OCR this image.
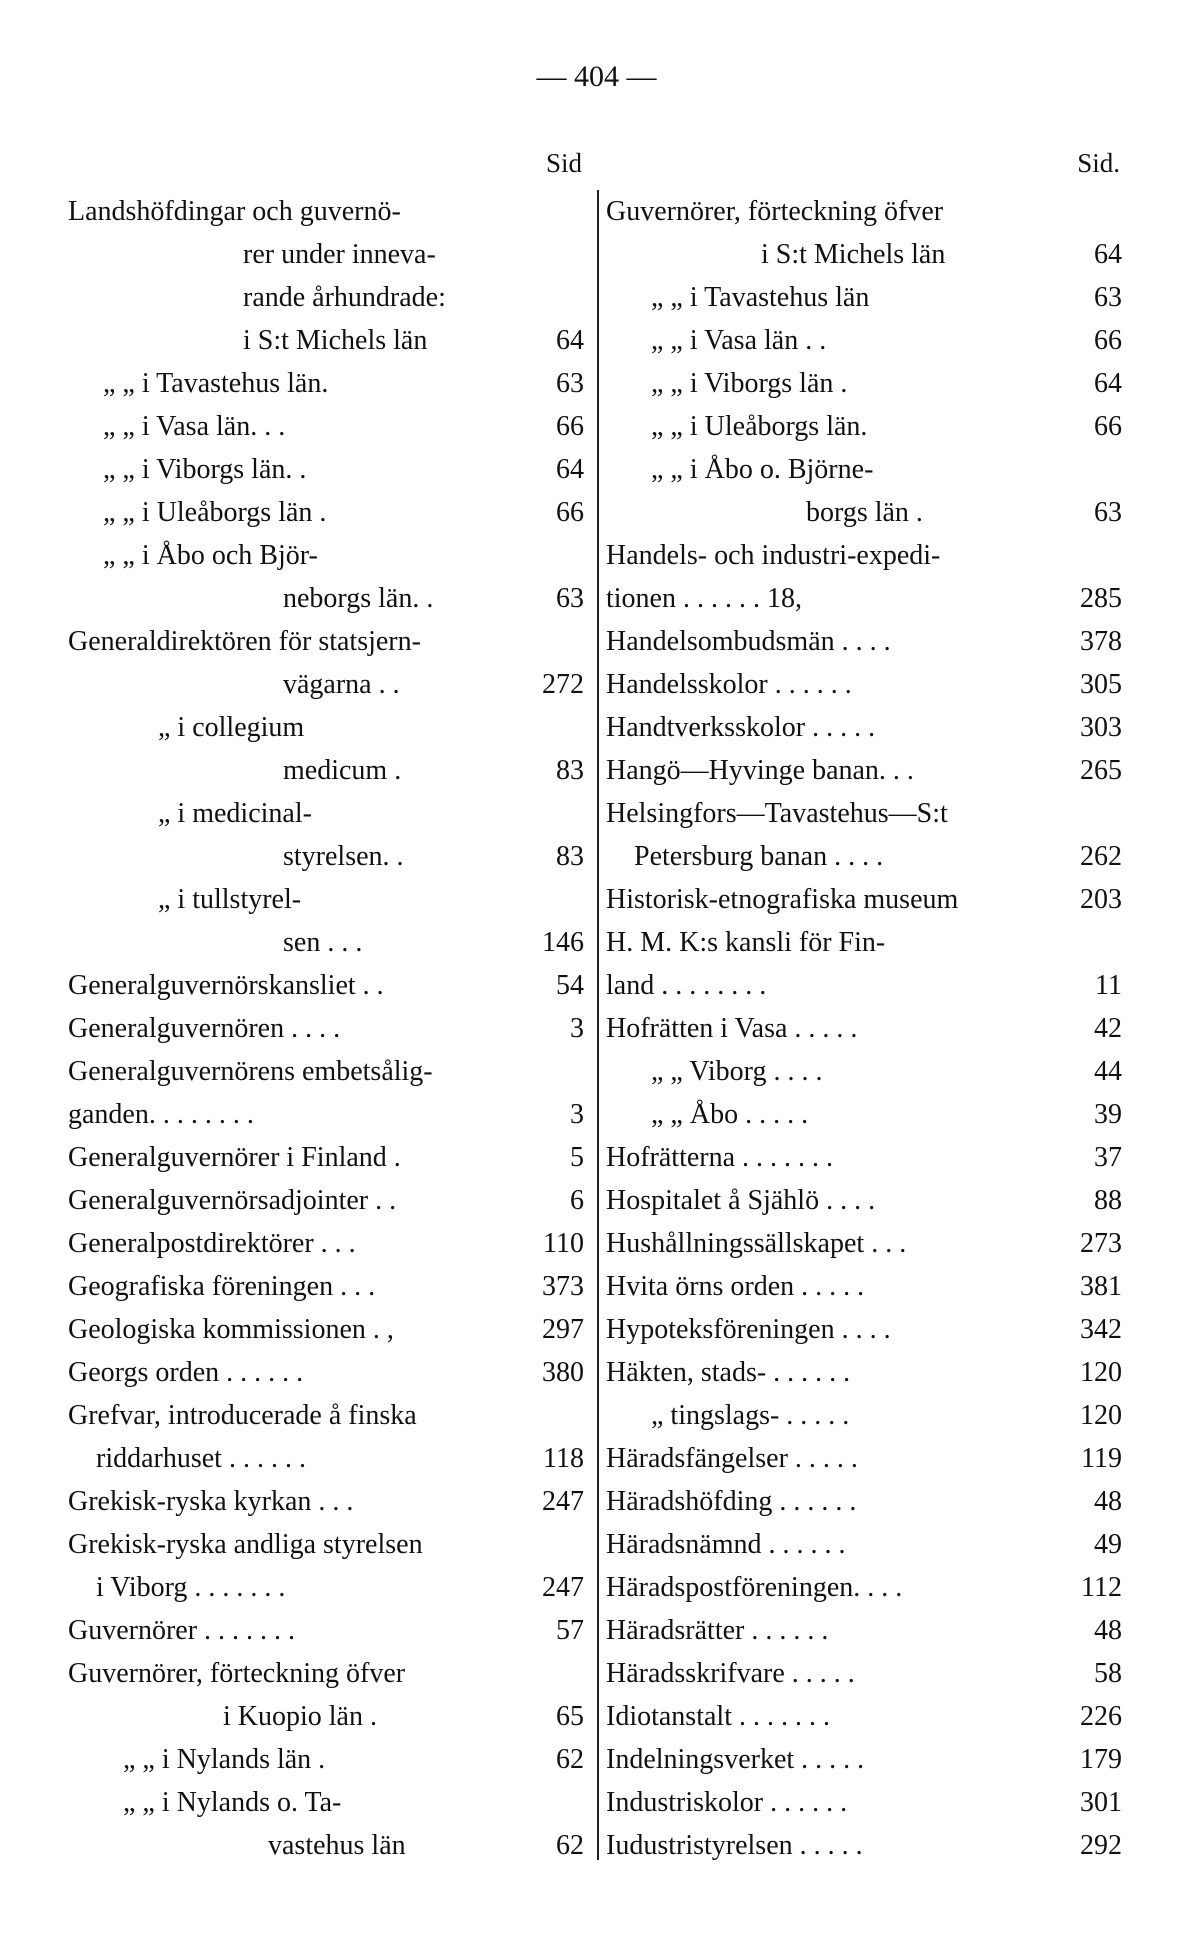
— 404 —
Sid
Landshöfdingar och guvernö-
rer under inneva-
rande århundrade:
i S:t Michels län	64
„ „ i Tavastehus län.	63
„ „ i Vasa län. . .	66
„ „ i Viborgs län. .	64
„ „ i Uleåborgs län .	66
„ „ i Åbo och Björ-
neborgs län. .	63
Generaldirektören för statsjern-
vägarna . .	272
„ i collegium
medicum .	83
„ i medicinal-
styrelsen. .	83
„ i tullstyrel-
sen . . .	146
Generalguvernörskansliet . .	54
Generalguvernören . . . .	3
Generalguvernörens embetsålig-
ganden. . . . . . . .	3
Generalguvernörer i Finland .	5
Generalguvernörsadjointer . .	6
Generalpostdirektörer . . .	110
Geografiska föreningen . . .	373
Geologiska kommissionen . ,	297
Georgs orden . . . . . .	380
Grefvar, introducerade å finska
riddarhuset . . . . . .	118
Grekisk-ryska kyrkan . . .	247
Grekisk-ryska andliga styrelsen
i Viborg . . . . . . .	247
Guvernörer . . . . . . .	57
Guvernörer, förteckning öfver
i Kuopio län .	65
„ „ i Nylands län .	62
„ „ i Nylands o. Ta-
vastehus län	62
Sid.
Guvernörer, förteckning öfver
i S:t Michels län	64
„ „ i Tavastehus län	63
„ „ i Vasa län . .	66
„ „ i Viborgs län .	64
„ „ i Uleåborgs län.	66
„ „ i Åbo o. Björne-
borgs län .	63
Handels- och industri-expedi-
tionen . . . . . . 18,	285
Handelsombudsmän . . . .	378
Handelsskolor . . . . . .	305
Handtverksskolor . . . . .	303
Hangö—Hyvinge banan. . .	265
Helsingfors—Tavastehus—S:t
Petersburg banan . . . .	262
Historisk-etnografiska museum	203
H. M. K:s kansli för Fin-
land . . . . . . . .	11
Hofrätten i Vasa . . . . .	42
„ „ Viborg . . . .	44
„ „ Åbo . . . . .	39
Hofrätterna . . . . . . .	37
Hospitalet å Sjählö . . . .	88
Hushållningssällskapet . . .	273
Hvita örns orden . . . . .	381
Hypoteksföreningen . . . .	342
Häkten, stads- . . . . . .	120
„ tingslags- . . . . .	120
Häradsfängelser . . . . .	119
Häradshöfding . . . . . .	48
Häradsnämnd . . . . . .	49
Häradspostföreningen. . . .	112
Häradsrätter . . . . . .	48
Häradsskrifvare . . . . .	58
Idiotanstalt . . . . . . .	226
Indelningsverket . . . . .	179
Industriskolor . . . . . .	301
Iudustristyrelsen . . . . .	292
